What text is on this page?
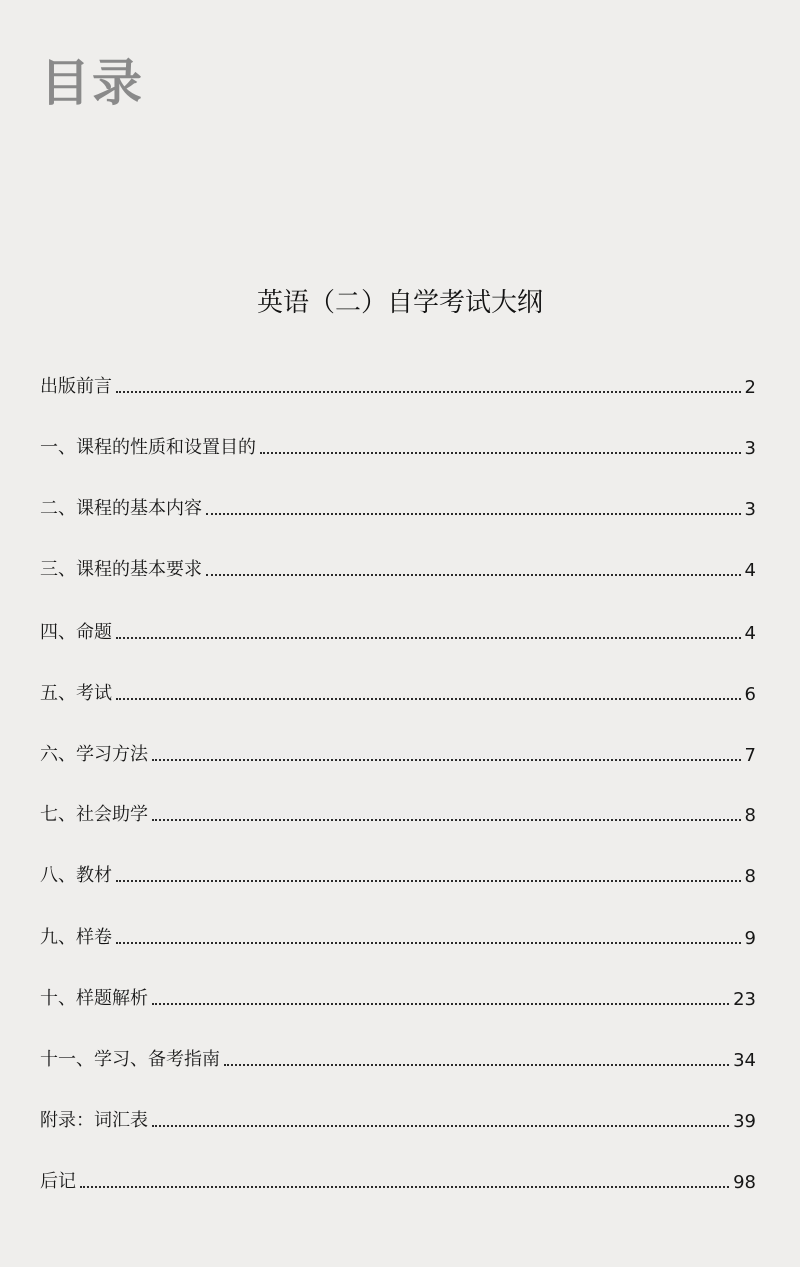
目录
英语（二）自学考试大纲
出版前言	2
一、课程的性质和设置目的	3
二、课程的基本内容	3
三、课程的基本要求	4
四、命题	4
五、考试	6
六、学习方法	7
七、社会助学	8
八、教材	8
九、样卷	9
十、样题解析	23
十一、学习、备考指南	34
附录：词汇表	39
后记	98
